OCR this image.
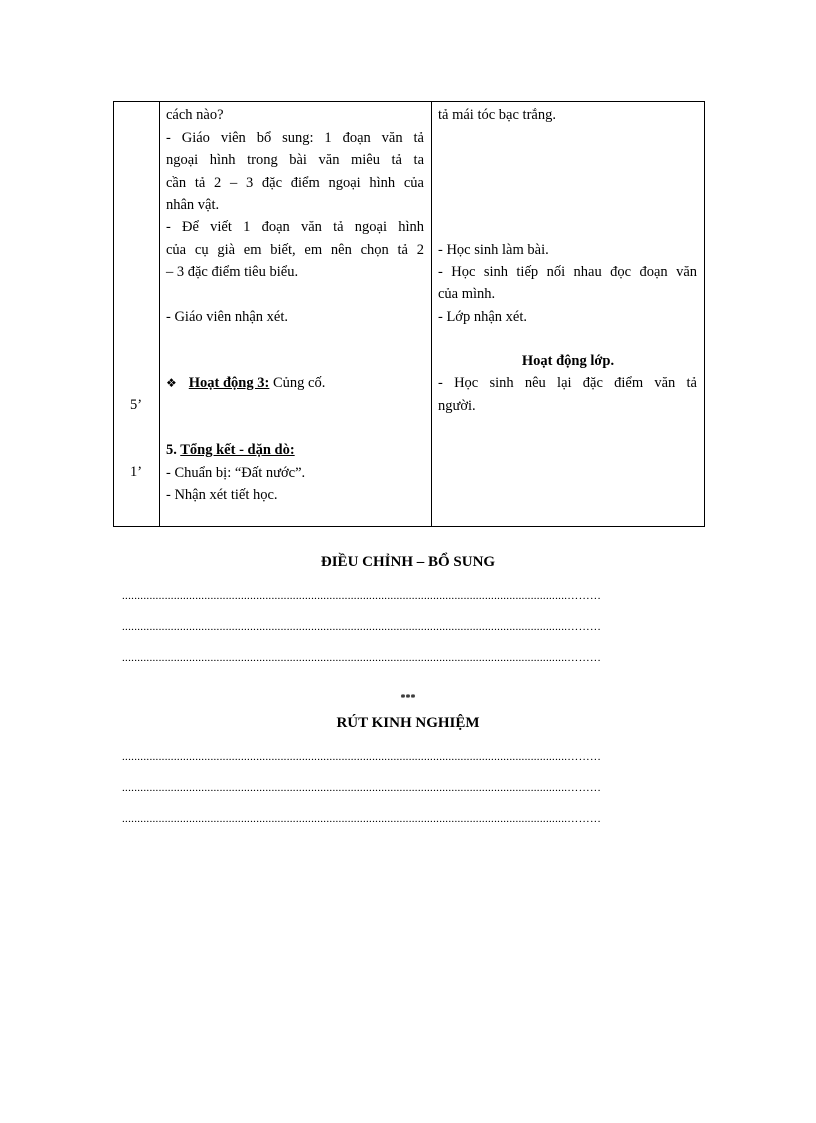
5’
1’
cách nào?
- Giáo viên bổ sung: 1 đoạn văn tả
ngoại hình trong bài văn miêu tả ta
cần tả 2 – 3 đặc điểm ngoại hình của
nhân vật.
- Để viết 1 đoạn văn tả ngoại hình
của cụ già em biết, em nên chọn tả 2
– 3 đặc điểm tiêu biểu.
- Giáo viên nhận xét.
❖ Hoạt động 3: Củng cố.
5. Tổng kết - dặn dò:
- Chuẩn bị: “Đất nước”.
- Nhận xét tiết học.
tả mái tóc bạc trắng.
- Học sinh làm bài.
- Học sinh tiếp nối nhau đọc đoạn văn
của mình.
- Lớp nhận xét.
Hoạt động lớp.
- Học sinh nêu lại đặc điểm văn tả
người.
ĐIỀU CHỈNH – BỔ SUNG
..................................................................................................................................................………
..................................................................................................................................................………
..................................................................................................................................................………
***
RÚT KINH NGHIỆM
..................................................................................................................................................………
..................................................................................................................................................………
..................................................................................................................................................………
